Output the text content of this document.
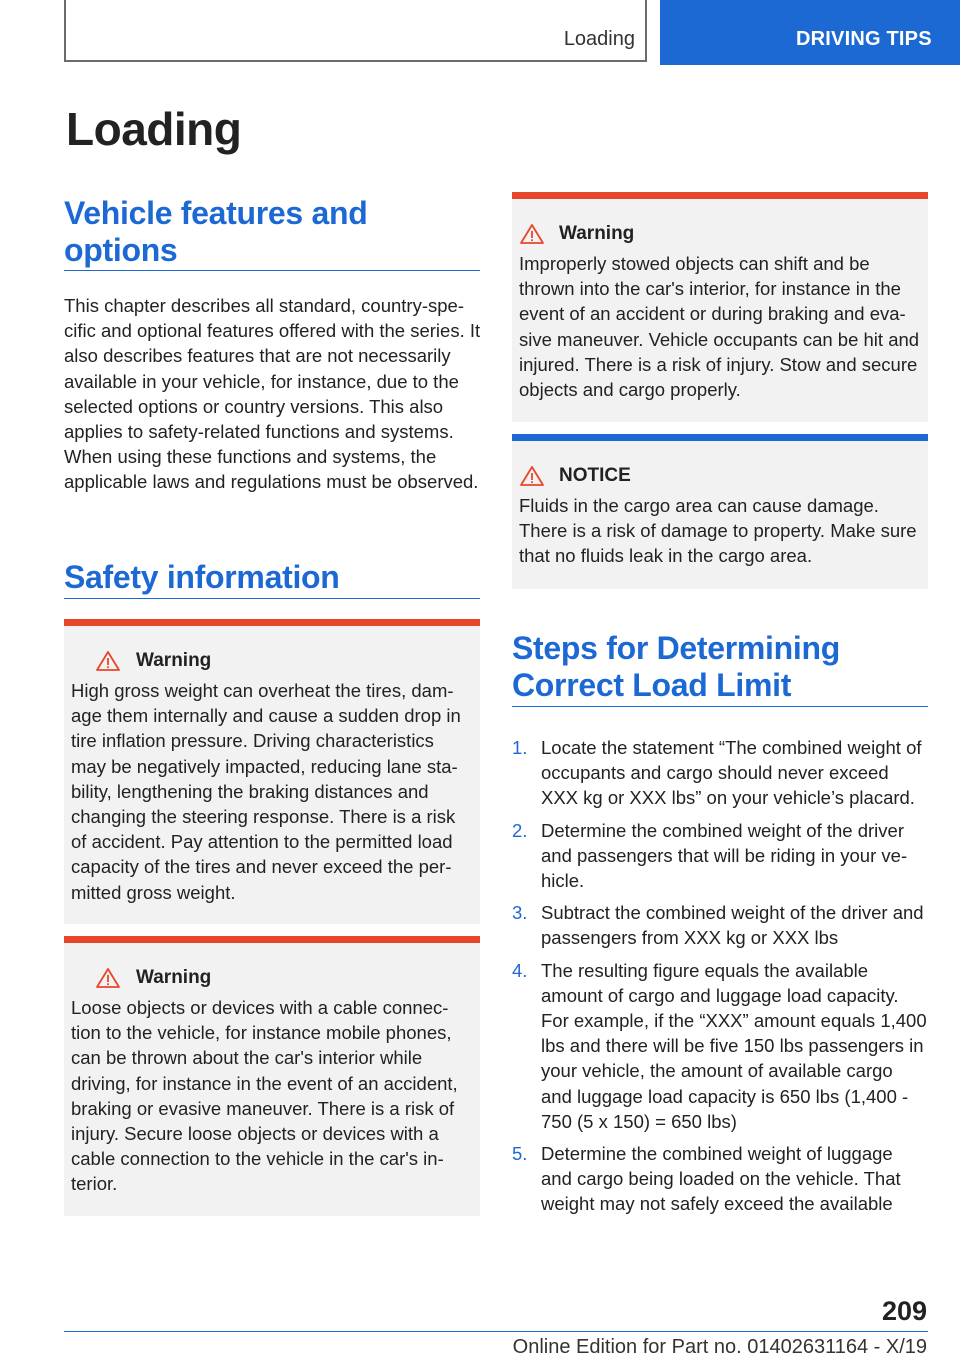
Loading	DRIVING TIPS
Loading
Vehicle features and options

This chapter describes all standard, country-specific and optional features offered with the series. It also describes features that are not necessarily available in your vehicle, for instance, due to the selected options or country versions. This also applies to safety-related functions and systems. When using these functions and systems, the applicable laws and regulations must be observed.

Safety information
Warning

High gross weight can overheat the tires, damage them internally and cause a sudden drop in tire inflation pressure. Driving characteristics may be negatively impacted, reducing lane stability, lengthening the braking distances and changing the steering response. There is a risk of accident. Pay attention to the permitted load capacity of the tires and never exceed the permitted gross weight.

Warning

Loose objects or devices with a cable connection to the vehicle, for instance mobile phones, can be thrown about the car's interior while driving, for instance in the event of an accident, braking or evasive maneuver. There is a risk of injury. Secure loose objects or devices with a cable connection to the vehicle in the car's interior.

Warning

Improperly stowed objects can shift and be thrown into the car's interior, for instance in the event of an accident or during braking and evasive maneuver. Vehicle occupants can be hit and injured. There is a risk of injury. Stow and secure objects and cargo properly.

NOTICE

Fluids in the cargo area can cause damage. There is a risk of damage to property. Make sure that no fluids leak in the cargo area.

Steps for Determining Correct Load Limit
1. Locate the statement “The combined weight of occupants and cargo should never exceed XXX kg or XXX lbs” on your vehicle’s placard.
2. Determine the combined weight of the driver and passengers that will be riding in your vehicle.
3. Subtract the combined weight of the driver and passengers from XXX kg or XXX lbs
4. The resulting figure equals the available amount of cargo and luggage load capacity. For example, if the “XXX” amount equals 1,400 lbs and there will be five 150 lbs passengers in your vehicle, the amount of available cargo and luggage load capacity is 650 lbs (1,400 - 750 (5 x 150) = 650 lbs)
5. Determine the combined weight of luggage and cargo being loaded on the vehicle. That weight may not safely exceed the available
209
Online Edition for Part no. 01402631164 - X/19
